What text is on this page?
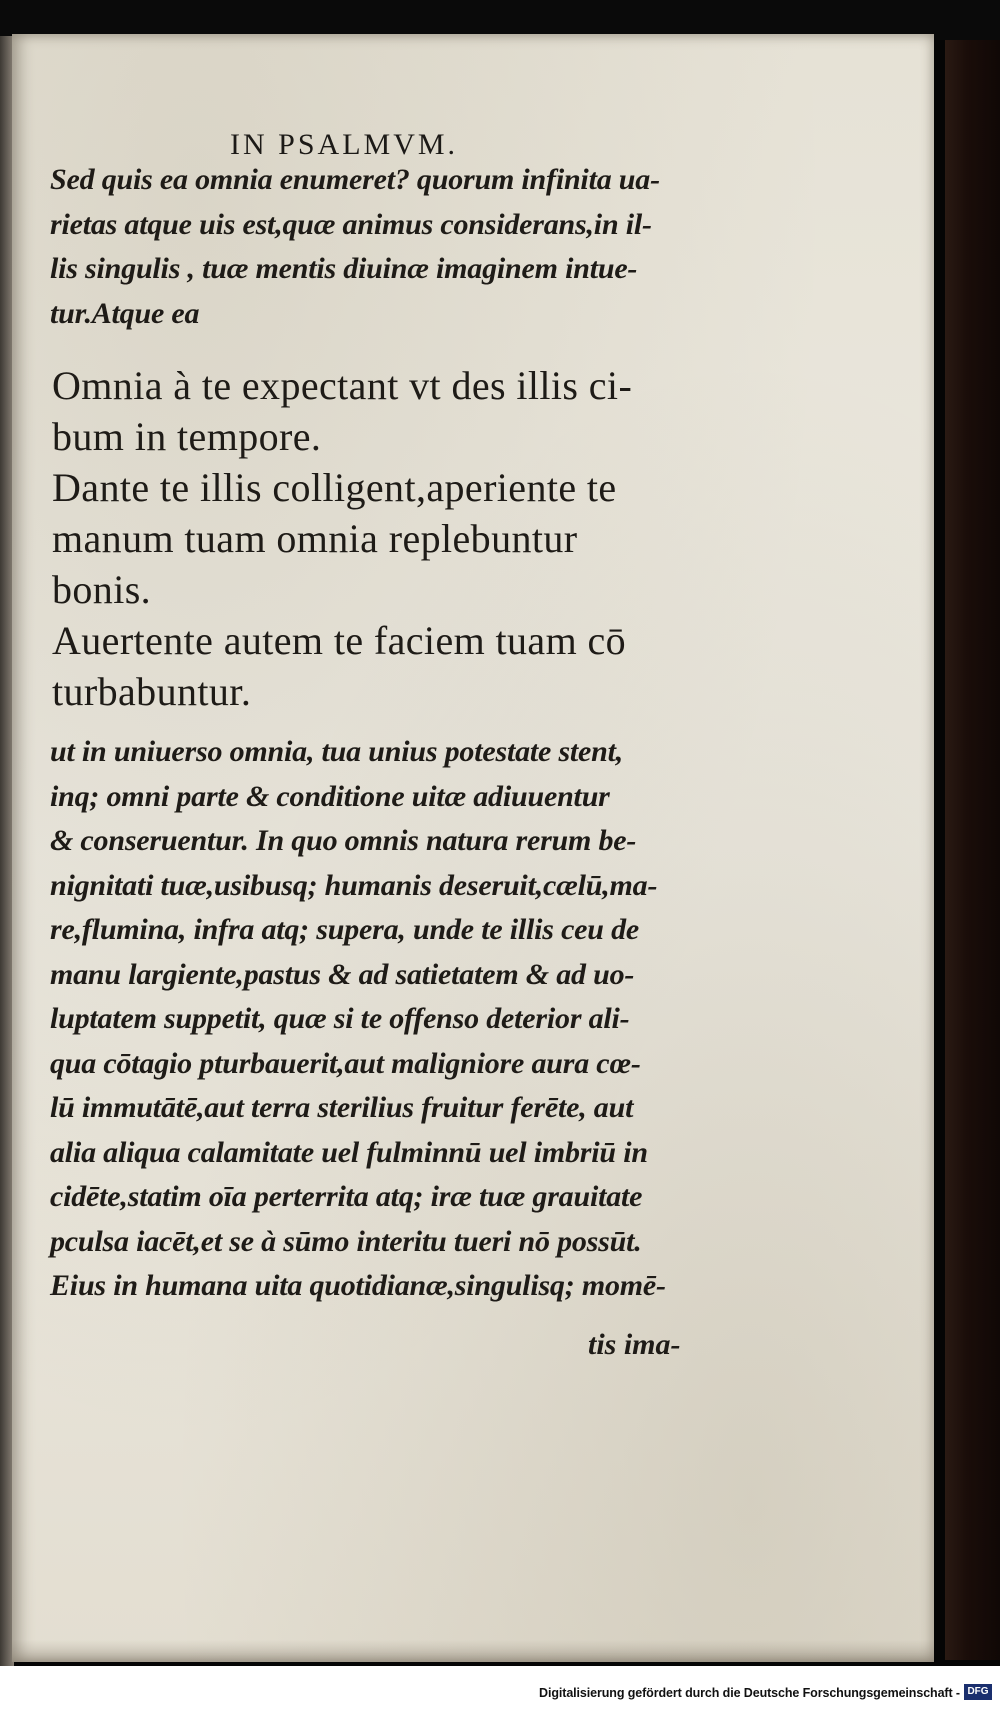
IN PSALMVM.
Sed quis ea omnia enumeret? quorum infinita ua-
rietas atque uis est,quæ animus considerans,in il-
lis singulis , tuæ mentis diuinæ imaginem intue-
tur.Atque ea
Omnia à te expectant vt des illis ci-
bum in tempore.
Dante te illis colligent,aperiente te
manum tuam omnia replebuntur
bonis.
Auertente autem te faciem tuam cō
turbabuntur.
ut in uniuerso omnia, tua unius potestate stent,
inq; omni parte & conditione uitæ adiuuentur
& conseruentur. In quo omnis natura rerum be-
nignitati tuæ,usibusq; humanis deseruit,cælū,ma-
re,flumina, infra atq; supera, unde te illis ceu de
manu largiente,pastus & ad satietatem & ad uo-
luptatem suppetit, quæ si te offenso deterior ali-
qua cōtagio pturbauerit,aut maligniore aura cœ-
lū immutātē,aut terra sterilius fruitur ferēte, aut
alia aliqua calamitate uel fulminnū uel imbriū in
cidēte,statim oīa perterrita atq; iræ tuæ grauitate
pculsa iacēt,et se à sūmo interitu tueri nō possūt.
Eius in humana uita quotidianæ,singulisq; momē-
tis ima-
Digitalisierung gefördert durch die Deutsche Forschungsgemeinschaft - DFG
